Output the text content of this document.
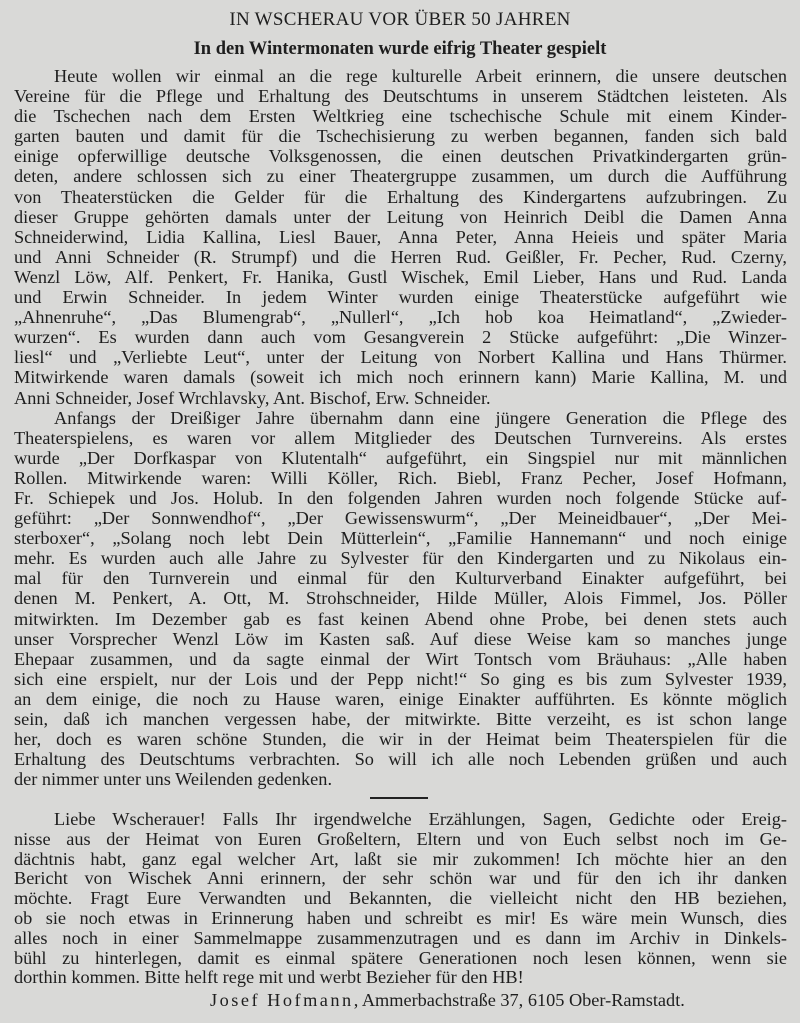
IN WSCHERAU VOR ÜBER 50 JAHREN
In den Wintermonaten wurde eifrig Theater gespielt
Heute wollen wir einmal an die rege kulturelle Arbeit erinnern, die unsere deutschen
Vereine für die Pflege und Erhaltung des Deutschtums in unserem Städtchen leisteten. Als
die Tschechen nach dem Ersten Weltkrieg eine tschechische Schule mit einem Kinder-
garten bauten und damit für die Tschechisierung zu werben begannen, fanden sich bald
einige opferwillige deutsche Volksgenossen, die einen deutschen Privatkindergarten grün-
deten, andere schlossen sich zu einer Theatergruppe zusammen, um durch die Aufführung
von Theaterstücken die Gelder für die Erhaltung des Kindergartens aufzubringen. Zu
dieser Gruppe gehörten damals unter der Leitung von Heinrich Deibl die Damen Anna
Schneiderwind, Lidia Kallina, Liesl Bauer, Anna Peter, Anna Heieis und später Maria
und Anni Schneider (R. Strumpf) und die Herren Rud. Geißler, Fr. Pecher, Rud. Czerny,
Wenzl Löw, Alf. Penkert, Fr. Hanika, Gustl Wischek, Emil Lieber, Hans und Rud. Landa
und Erwin Schneider. In jedem Winter wurden einige Theaterstücke aufgeführt wie
„Ahnenruhe“, „Das Blumengrab“, „Nullerl“, „Ich hob koa Heimatland“, „Zwieder-
wurzen“. Es wurden dann auch vom Gesangverein 2 Stücke aufgeführt: „Die Winzer-
liesl“ und „Verliebte Leut“, unter der Leitung von Norbert Kallina und Hans Thürmer.
Mitwirkende waren damals (soweit ich mich noch erinnern kann) Marie Kallina, M. und
Anni Schneider, Josef Wrchlavsky, Ant. Bischof, Erw. Schneider.
Anfangs der Dreißiger Jahre übernahm dann eine jüngere Generation die Pflege des
Theaterspielens, es waren vor allem Mitglieder des Deutschen Turnvereins. Als erstes
wurde „Der Dorfkaspar von Klutentalh“ aufgeführt, ein Singspiel nur mit männlichen
Rollen. Mitwirkende waren: Willi Köller, Rich. Biebl, Franz Pecher, Josef Hofmann,
Fr. Schiepek und Jos. Holub. In den folgenden Jahren wurden noch folgende Stücke auf-
geführt: „Der Sonnwendhof“, „Der Gewissenswurm“, „Der Meineidbauer“, „Der Mei-
sterboxer“, „Solang noch lebt Dein Mütterlein“, „Familie Hannemann“ und noch einige
mehr. Es wurden auch alle Jahre zu Sylvester für den Kindergarten und zu Nikolaus ein-
mal für den Turnverein und einmal für den Kulturverband Einakter aufgeführt, bei
denen M. Penkert, A. Ott, M. Strohschneider, Hilde Müller, Alois Fimmel, Jos. Pöller
mitwirkten. Im Dezember gab es fast keinen Abend ohne Probe, bei denen stets auch
unser Vorsprecher Wenzl Löw im Kasten saß. Auf diese Weise kam so manches junge
Ehepaar zusammen, und da sagte einmal der Wirt Tontsch vom Bräuhaus: „Alle haben
sich eine erspielt, nur der Lois und der Pepp nicht!“ So ging es bis zum Sylvester 1939,
an dem einige, die noch zu Hause waren, einige Einakter aufführten. Es könnte möglich
sein, daß ich manchen vergessen habe, der mitwirkte. Bitte verzeiht, es ist schon lange
her, doch es waren schöne Stunden, die wir in der Heimat beim Theaterspielen für die
Erhaltung des Deutschtums verbrachten. So will ich alle noch Lebenden grüßen und auch
der nimmer unter uns Weilenden gedenken.
Liebe Wscherauer! Falls Ihr irgendwelche Erzählungen, Sagen, Gedichte oder Ereig-
nisse aus der Heimat von Euren Großeltern, Eltern und von Euch selbst noch im Ge-
dächtnis habt, ganz egal welcher Art, laßt sie mir zukommen! Ich möchte hier an den
Bericht von Wischek Anni erinnern, der sehr schön war und für den ich ihr danken
möchte. Fragt Eure Verwandten und Bekannten, die vielleicht nicht den HB beziehen,
ob sie noch etwas in Erinnerung haben und schreibt es mir! Es wäre mein Wunsch, dies
alles noch in einer Sammelmappe zusammenzutragen und es dann im Archiv in Dinkels-
bühl zu hinterlegen, damit es einmal spätere Generationen noch lesen können, wenn sie
dorthin kommen. Bitte helft rege mit und werbt Bezieher für den HB!
Josef Hofmann, Ammerbachstraße 37, 6105 Ober-Ramstadt.
